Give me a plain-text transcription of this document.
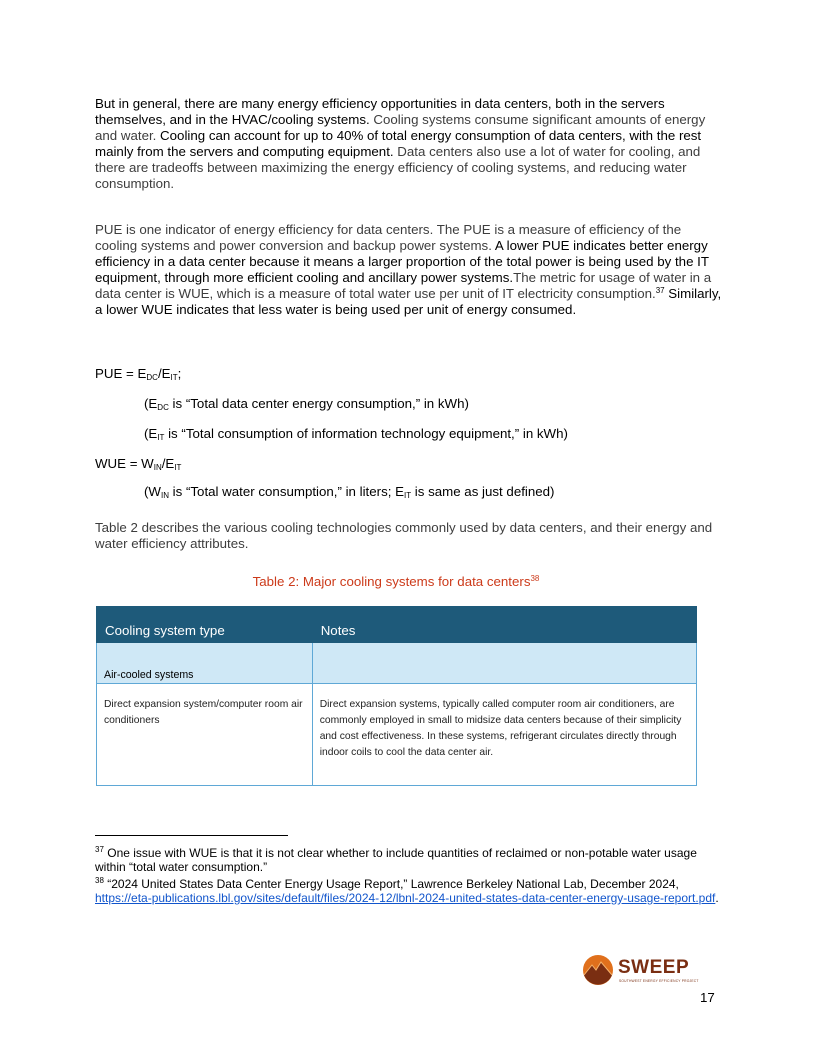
But in general, there are many energy efficiency opportunities in data centers, both in the servers themselves, and in the HVAC/cooling systems. Cooling systems consume significant amounts of energy and water. Cooling can account for up to 40% of total energy consumption of data centers, with the rest mainly from the servers and computing equipment. Data centers also use a lot of water for cooling, and there are tradeoffs between maximizing the energy efficiency of cooling systems, and reducing water consumption.

PUE is one indicator of energy efficiency for data centers. The PUE is a measure of efficiency of the cooling systems and power conversion and backup power systems. A lower PUE indicates better energy efficiency in a data center because it means a larger proportion of the total power is being used by the IT equipment, through more efficient cooling and ancillary power systems.The metric for usage of water in a data center is WUE, which is a measure of total water use per unit of IT electricity consumption.$^{37}$ Similarly, a lower WUE indicates that less water is being used per unit of energy consumed.

PUE = $E_{DC}/E_{IT}$;
($E_{DC}$ is “Total data center energy consumption,” in kWh)
($E_{IT}$ is “Total consumption of information technology equipment,” in kWh)
WUE = $W_{IN}/E_{IT}$
($W_{IN}$ is “Total water consumption,” in liters; $E_{IT}$ is same as just defined)

Table 2 describes the various cooling technologies commonly used by data centers, and their energy and water efficiency attributes.

Table 2: Major cooling systems for data centers$^{38}$
Cooling system type	Notes
Air-cooled systems	
Direct expansion system/computer room air conditioners	Direct expansion systems, typically called computer room air conditioners, are commonly employed in small to midsize data centers because of their simplicity and cost effectiveness. In these systems, refrigerant circulates directly through indoor coils to cool the data center air.
$^{37}$ One issue with WUE is that it is not clear whether to include quantities of reclaimed or non-potable water usage within “total water consumption.”
$^{38}$ “2024 United States Data Center Energy Usage Report,” Lawrence Berkeley National Lab, December 2024, https://eta-publications.lbl.gov/sites/default/files/2024-12/lbnl-2024-united-states-data-center-energy-usage-report.pdf.
SWEEP
SOUTHWEST ENERGY EFFICIENCY PROJECT
17
